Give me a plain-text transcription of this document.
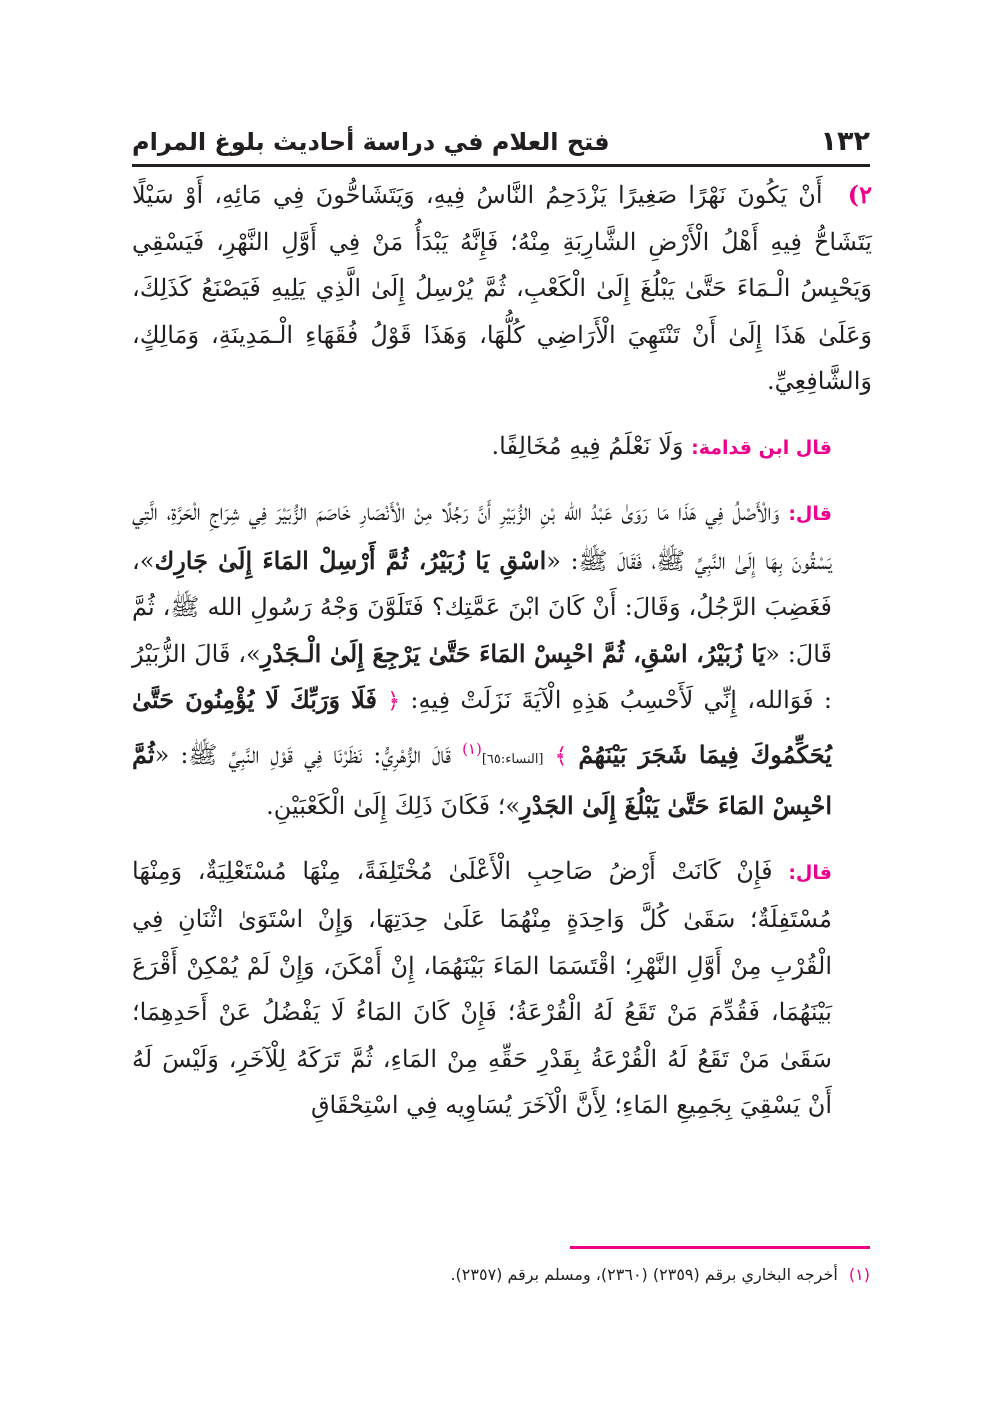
١٣٢
فتح العلام في دراسة أحاديث بلوغ المرام

٢) أَنْ يَكُونَ نَهْرًا صَغِيرًا يَزْدَحِمُ النَّاسُ فِيهِ، وَيَتَشَاحُّونَ فِي مَائِهِ، أَوْ سَيْلًا يَتَشَاحُّ فِيهِ أَهْلُ الْأَرْضِ الشَّارِبَةِ مِنْهُ؛ فَإِنَّهُ يَبْدَأُ مَنْ فِي أَوَّلِ النَّهْرِ، فَيَسْقِي وَيَحْبِسُ الْـمَاءَ حَتَّىٰ يَبْلُغَ إِلَىٰ الْكَعْبِ، ثُمَّ يُرْسِلُ إِلَىٰ الَّذِي يَلِيهِ فَيَصْنَعُ كَذَلِكَ، وَعَلَىٰ هَذَا إِلَىٰ أَنْ تَنْتَهِيَ الْأَرَاضِي كُلُّهَا، وَهَذَا قَوْلُ فُقَهَاءِ الْـمَدِينَةِ، وَمَالِكٍ، وَالشَّافِعِيِّ.

قال ابن قدامة: وَلَا نَعْلَمُ فِيهِ مُخَالِفًا.

قال: وَالْأَصْلُ فِي هَذَا مَا رَوَىٰ عَبْدُ الله بْنِ الزُّبَيْرِ أَنَّ رَجُلًا مِنْ الْأَنْصَارِ خَاصَمَ الزُّبَيْرَ فِي شِرَاجِ الْحَرَّةِ، الَّتِي يَسْقُونَ بِهَا إِلَىٰ النَّبِيِّ ﷺ، فَقَالَ ﷺ: «اسْقِ يَا زُبَيْرُ، ثُمَّ أَرْسِلْ المَاءَ إِلَىٰ جَارِك»، فَغَضِبَ الرَّجُلُ، وَقَالَ: أَنْ كَانَ ابْنَ عَمَّتِك؟ فَتَلَوَّنَ وَجْهُ رَسُولِ الله ﷺ، ثُمَّ قَالَ: «يَا زُبَيْرُ، اسْقِ، ثُمَّ احْبِسْ المَاءَ حَتَّىٰ يَرْجِعَ إِلَىٰ الْـجَدْرِ»، قَالَ الزُّبَيْرُ : فَوَالله، إِنِّي لَأَحْسِبُ هَذِهِ الْآيَةَ نَزَلَتْ فِيهِ: ﴿ فَلَا وَرَبِّكَ لَا يُؤْمِنُونَ حَتَّىٰ يُحَكِّمُوكَ فِيمَا شَجَرَ بَيْنَهُمْ ﴾ [النساء:٦٥]$^{(١)}$ قَالَ الزُّهْرِيُّ: نَظَرْنَا فِي قَوْلِ النَّبِيِّ ﷺ: «ثُمَّ احْبِسْ المَاءَ حَتَّىٰ يَبْلُغَ إِلَىٰ الجَدْرِ»؛ فَكَانَ ذَلِكَ إِلَىٰ الْكَعْبَيْنِ.

قال: فَإِنْ كَانَتْ أَرْضُ صَاحِبِ الْأَعْلَىٰ مُخْتَلِفَةً، مِنْهَا مُسْتَعْلِيَةٌ، وَمِنْهَا مُسْتَفِلَةٌ؛ سَقَىٰ كُلَّ وَاحِدَةٍ مِنْهُمَا عَلَىٰ حِدَتِهَا، وَإِنْ اسْتَوَىٰ اثْنَانِ فِي الْقُرْبِ مِنْ أَوَّلِ النَّهْرِ؛ اقْتَسَمَا المَاءَ بَيْنَهُمَا، إِنْ أَمْكَنَ، وَإِنْ لَمْ يُمْكِنْ أَقْرَعَ بَيْنَهُمَا، فَقُدِّمَ مَنْ تَقَعُ لَهُ الْقُرْعَةُ؛ فَإِنْ كَانَ المَاءُ لَا يَفْضُلُ عَنْ أَحَدِهِمَا؛ سَقَىٰ مَنْ تَقَعُ لَهُ الْقُرْعَةُ بِقَدْرِ حَقِّهِ مِنْ المَاءِ، ثُمَّ تَرَكَهُ لِلْآخَرِ، وَلَيْسَ لَهُ أَنْ يَسْقِيَ بِجَمِيعِ المَاءِ؛ لِأَنَّ الْآخَرَ يُسَاوِيه فِي اسْتِحْقَاقِ

(١) أخرجه البخاري برقم (٢٣٥٩) (٢٣٦٠)، ومسلم برقم (٢٣٥٧).
